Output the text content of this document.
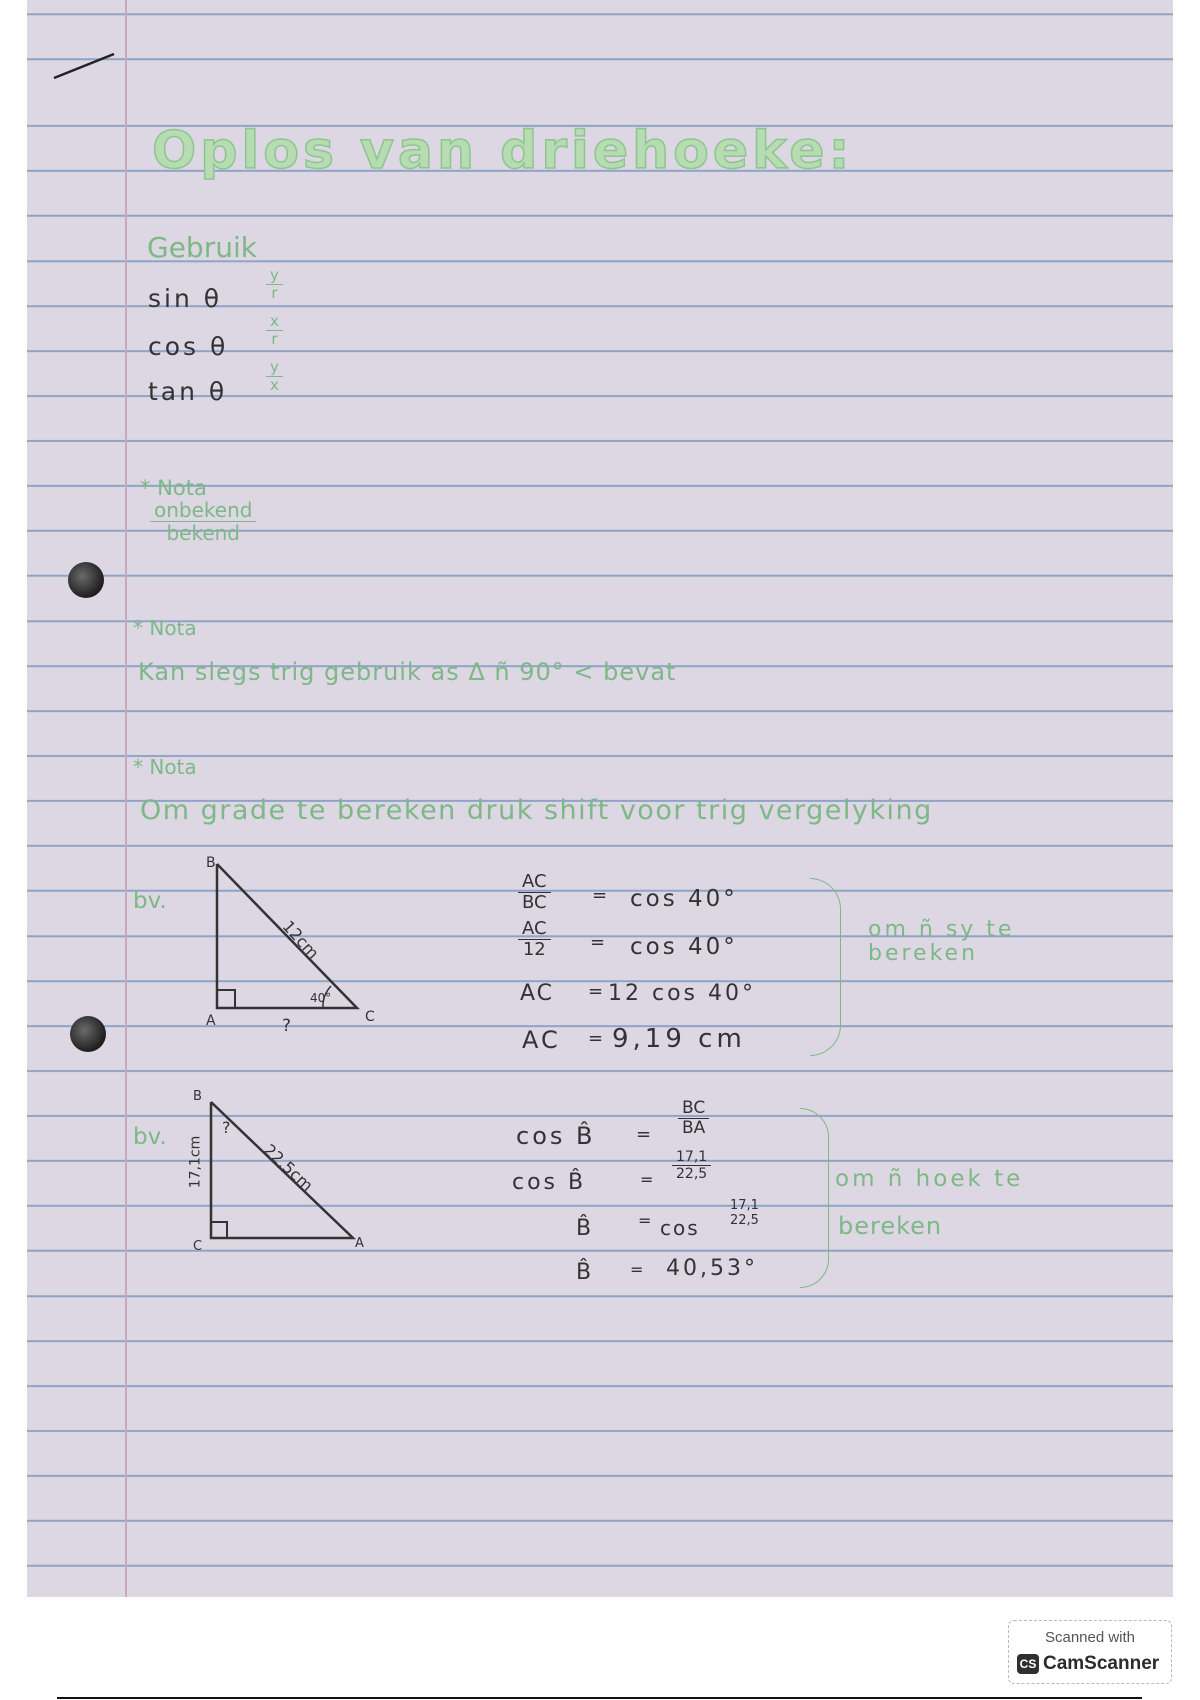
Oplos van driehoeke:
Gebruik
sin θ	$\frac{y}{r}$
cos θ	$\frac{x}{r}$
tan θ	$\frac{y}{x}$
* Nota
onbekend
bekend
* Nota
Kan slegs trig gebruik as Δ ñ 90° < bevat
* Nota
Om grade te bereken druk shift voor trig vergelyking
bv.
B
A	C
12cm
40°
?
$\frac{AC}{BC} = \cos 40^\circ$
$\frac{AC}{12} = \cos 40^\circ$
AC = 12 cos 40°
AC = 9,19 cm
om ñ sy te bereken
bv.
B
C	A
17,1cm	22,5cm
?	cos B̂ = $\frac{BC}{BA}$
cos B̂	= $\frac{17,1}{22,5}$
B̂	= cos
17,1
22,5
B̂ = 40,53°
om ñ hoek te
bereken
Scanned with
CS CamScanner
